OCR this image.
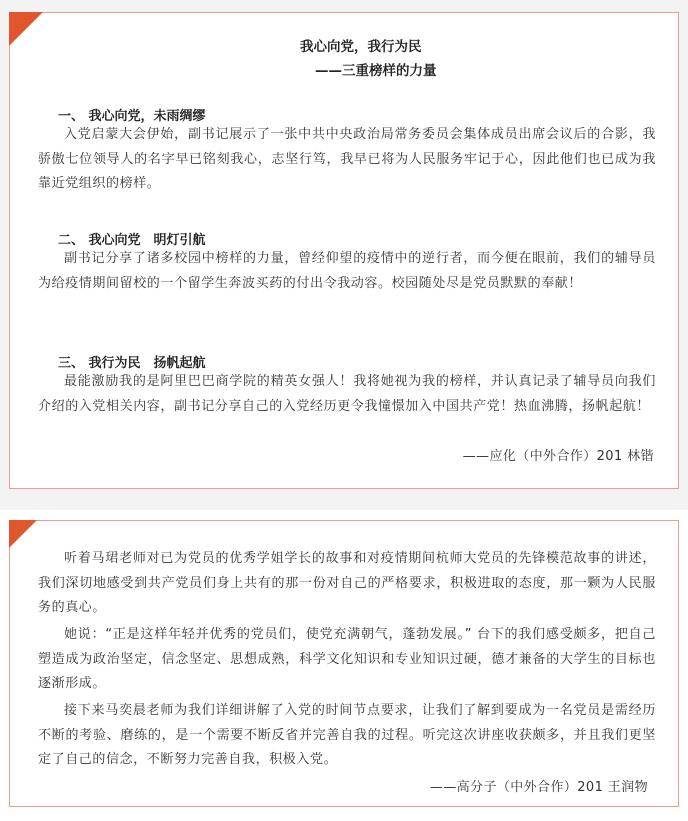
我心向党，我行为民
——三重榜样的力量
一、 我心向党，未雨绸缪
入党启蒙大会伊始，副书记展示了一张中共中央政治局常务委员会集体成员出席会议后的合影，我骄傲七位领导人的名字早已铭刻我心，志坚行笃，我早已将为人民服务牢记于心，因此他们也已成为我靠近党组织的榜样。
二、 我心向党　明灯引航
副书记分享了诸多校园中榜样的力量，曾经仰望的疫情中的逆行者，而今便在眼前，我们的辅导员为给疫情期间留校的一个留学生奔波买药的付出令我动容。校园随处尽是党员默默的奉献！
三、 我行为民　扬帆起航
最能激励我的是阿里巴巴商学院的精英女强人！我将她视为我的榜样，并认真记录了辅导员向我们介绍的入党相关内容，副书记分享自己的入党经历更令我憧憬加入中国共产党！热血沸腾，扬帆起航！
——应化（中外合作）201 林锴
听着马珺老师对已为党员的优秀学姐学长的故事和对疫情期间杭师大党员的先锋模范故事的讲述，我们深切地感受到共产党员们身上共有的那一份对自己的严格要求，积极进取的态度，那一颗为人民服务的真心。
她说：“正是这样年轻并优秀的党员们，使党充满朝气，蓬勃发展。” 台下的我们感受颇多，把自己塑造成为政治坚定，信念坚定、思想成熟，科学文化知识和专业知识过硬，德才兼备的大学生的目标也逐渐形成。
接下来马奕晨老师为我们详细讲解了入党的时间节点要求，让我们了解到要成为一名党员是需经历不断的考验、磨练的，是一个需要不断反省并完善自我的过程。听完这次讲座收获颇多，并且我们更坚定了自己的信念，不断努力完善自我，积极入党。
——高分子（中外合作）201 王润物
